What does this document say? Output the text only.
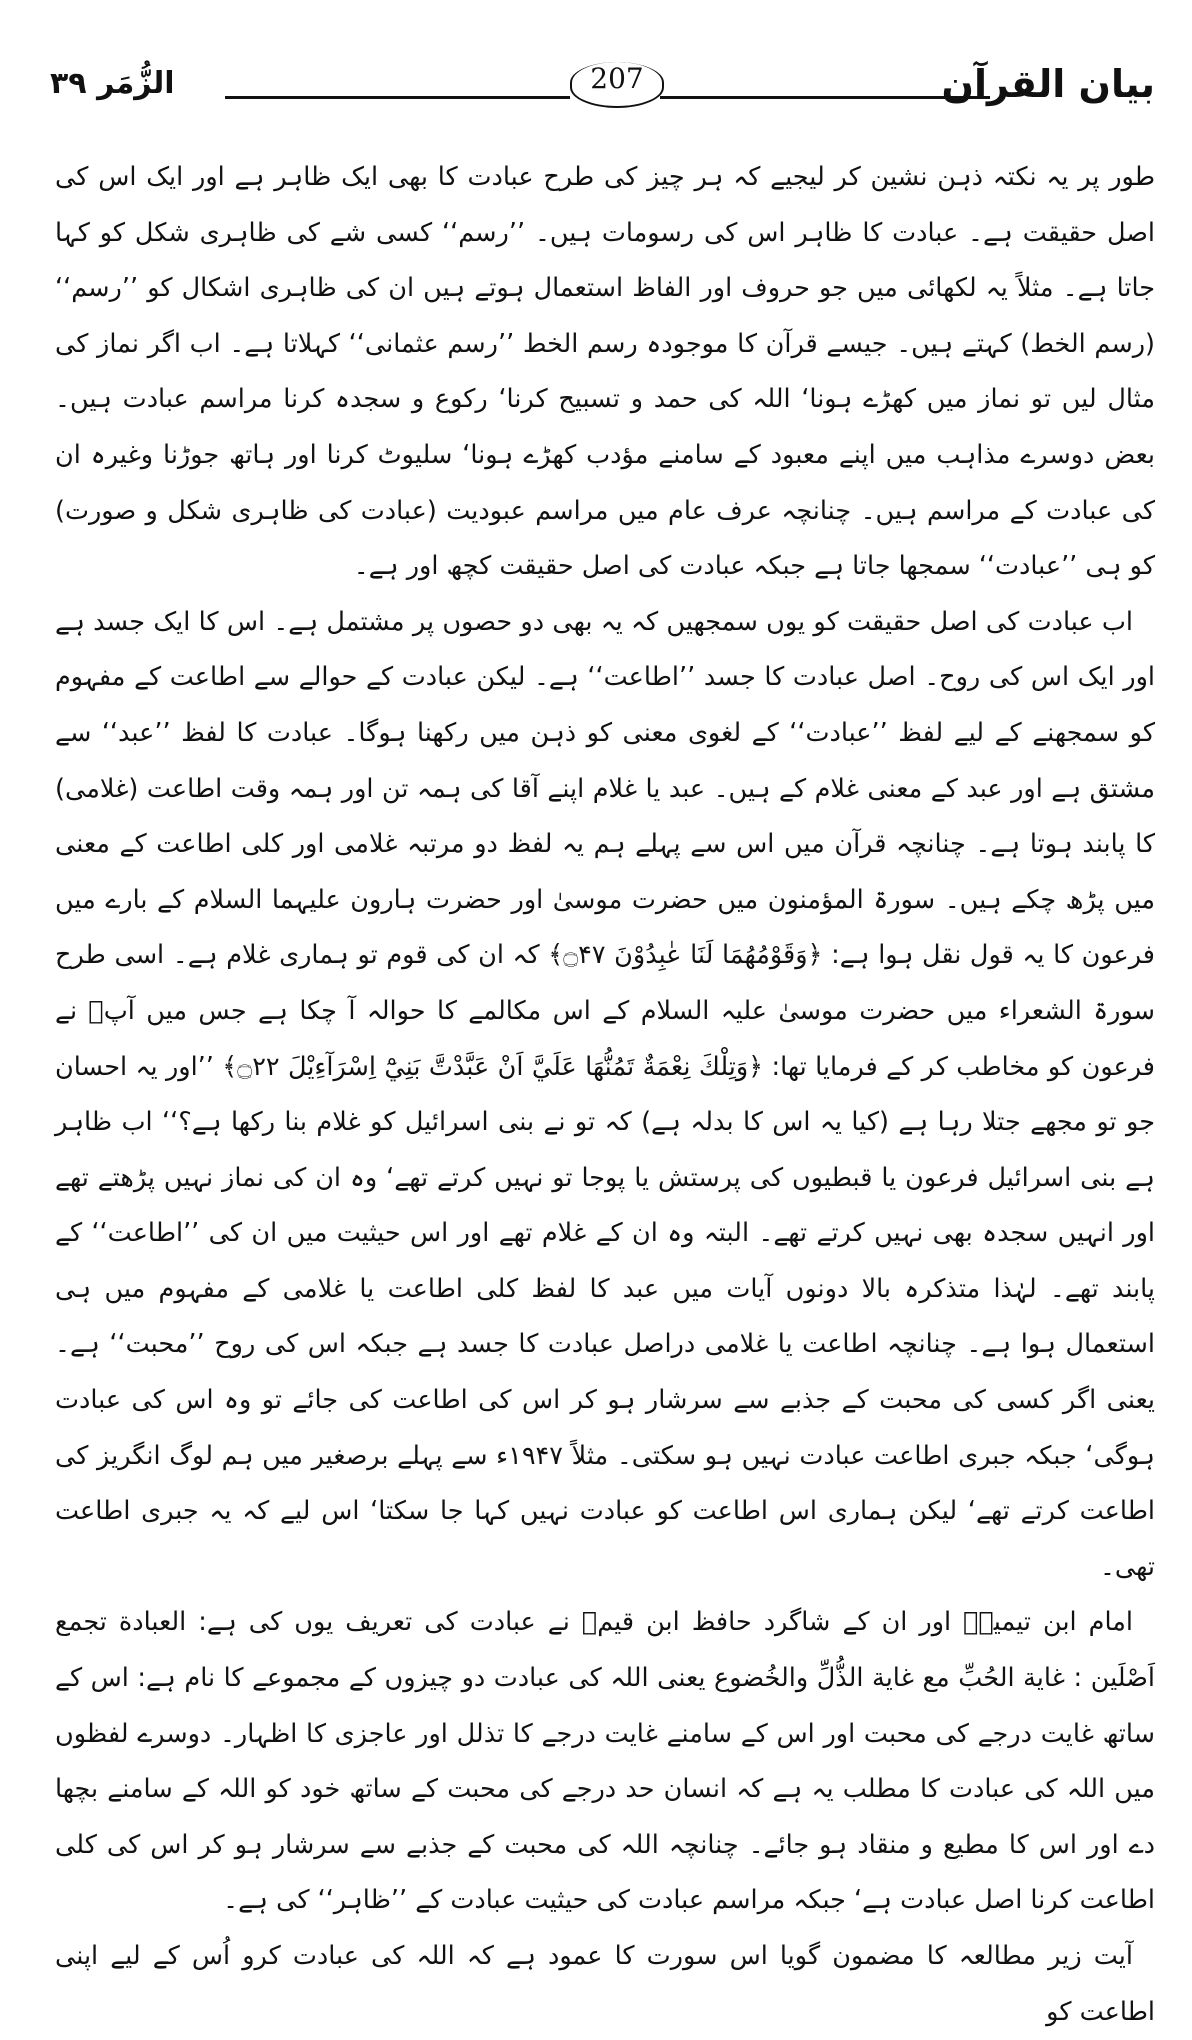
الزُّمَر ۳۹	207	بیان القرآن

طور پر یہ نکتہ ذہن نشین کر لیجیے کہ ہر چیز کی طرح عبادت کا بھی ایک ظاہر ہے اور ایک اس کی اصل حقیقت ہے۔ عبادت کا ظاہر اس کی رسومات ہیں۔ ’’رسم‘‘ کسی شے کی ظاہری شکل کو کہا جاتا ہے۔ مثلاً یہ لکھائی میں جو حروف اور الفاظ استعمال ہوتے ہیں ان کی ظاہری اشکال کو ’’رسم‘‘ (رسم الخط) کہتے ہیں۔ جیسے قرآن کا موجودہ رسم الخط ’’رسم عثمانی‘‘ کہلاتا ہے۔ اب اگر نماز کی مثال لیں تو نماز میں کھڑے ہونا‘ اللہ کی حمد و تسبیح کرنا‘ رکوع و سجدہ کرنا مراسم عبادت ہیں۔ بعض دوسرے مذاہب میں اپنے معبود کے سامنے مؤدب کھڑے ہونا‘ سلیوٹ کرنا اور ہاتھ جوڑنا وغیرہ ان کی عبادت کے مراسم ہیں۔ چنانچہ عرف عام میں مراسم عبودیت (عبادت کی ظاہری شکل و صورت) کو ہی ’’عبادت‘‘ سمجھا جاتا ہے جبکہ عبادت کی اصل حقیقت کچھ اور ہے۔

اب عبادت کی اصل حقیقت کو یوں سمجھیں کہ یہ بھی دو حصوں پر مشتمل ہے۔ اس کا ایک جسد ہے اور ایک اس کی روح۔ اصل عبادت کا جسد ’’اطاعت‘‘ ہے۔ لیکن عبادت کے حوالے سے اطاعت کے مفہوم کو سمجھنے کے لیے لفظ ’’عبادت‘‘ کے لغوی معنی کو ذہن میں رکھنا ہوگا۔ عبادت کا لفظ ’’عبد‘‘ سے مشتق ہے اور عبد کے معنی غلام کے ہیں۔ عبد یا غلام اپنے آقا کی ہمہ تن اور ہمہ وقت اطاعت (غلامی) کا پابند ہوتا ہے۔ چنانچہ قرآن میں اس سے پہلے ہم یہ لفظ دو مرتبہ غلامی اور کلی اطاعت کے معنی میں پڑھ چکے ہیں۔ سورۃ المؤمنون میں حضرت موسیٰ اور حضرت ہارون علیہما السلام کے بارے میں فرعون کا یہ قول نقل ہوا ہے: ﴿وَقَوْمُهُمَا لَنَا عٰبِدُوْنَ ۝۴۷﴾ کہ ان کی قوم تو ہماری غلام ہے۔ اسی طرح سورۃ الشعراء میں حضرت موسیٰ علیہ السلام کے اس مکالمے کا حوالہ آ چکا ہے جس میں آپؑ نے فرعون کو مخاطب کر کے فرمایا تھا: ﴿وَتِلْكَ نِعْمَةٌ تَمُنُّهَا عَلَيَّ اَنْ عَبَّدْتَّ بَنِيْٓ اِسْرَآءِيْلَ ۝۲۲﴾ ’’اور یہ احسان جو تو مجھے جتلا رہا ہے (کیا یہ اس کا بدلہ ہے) کہ تو نے بنی اسرائیل کو غلام بنا رکھا ہے؟‘‘ اب ظاہر ہے بنی اسرائیل فرعون یا قبطیوں کی پرستش یا پوجا تو نہیں کرتے تھے‘ وہ ان کی نماز نہیں پڑھتے تھے اور انہیں سجدہ بھی نہیں کرتے تھے۔ البتہ وہ ان کے غلام تھے اور اس حیثیت میں ان کی ’’اطاعت‘‘ کے پابند تھے۔ لہٰذا متذکرہ بالا دونوں آیات میں عبد کا لفظ کلی اطاعت یا غلامی کے مفہوم میں ہی استعمال ہوا ہے۔ چنانچہ اطاعت یا غلامی دراصل عبادت کا جسد ہے جبکہ اس کی روح ’’محبت‘‘ ہے۔ یعنی اگر کسی کی محبت کے جذبے سے سرشار ہو کر اس کی اطاعت کی جائے تو وہ اس کی عبادت ہوگی‘ جبکہ جبری اطاعت عبادت نہیں ہو سکتی۔ مثلاً ۱۹۴۷ء سے پہلے برصغیر میں ہم لوگ انگریز کی اطاعت کرتے تھے‘ لیکن ہماری اس اطاعت کو عبادت نہیں کہا جا سکتا‘ اس لیے کہ یہ جبری اطاعت تھی۔

امام ابن تیمیہؒ اور ان کے شاگرد حافظ ابن قیمؒ نے عبادت کی تعریف یوں کی ہے: العبادة تجمع اَصْلَین : غایة الحُبِّ مع غایة الذُّلِّ والخُضوع یعنی اللہ کی عبادت دو چیزوں کے مجموعے کا نام ہے: اس کے ساتھ غایت درجے کی محبت اور اس کے سامنے غایت درجے کا تذلل اور عاجزی کا اظہار۔ دوسرے لفظوں میں اللہ کی عبادت کا مطلب یہ ہے کہ انسان حد درجے کی محبت کے ساتھ خود کو اللہ کے سامنے بچھا دے اور اس کا مطیع و منقاد ہو جائے۔ چنانچہ اللہ کی محبت کے جذبے سے سرشار ہو کر اس کی کلی اطاعت کرنا اصل عبادت ہے‘ جبکہ مراسم عبادت کی حیثیت عبادت کے ’’ظاہر‘‘ کی ہے۔

آیت زیر مطالعہ کا مضمون گویا اس سورت کا عمود ہے کہ اللہ کی عبادت کرو اُس کے لیے اپنی اطاعت کو
